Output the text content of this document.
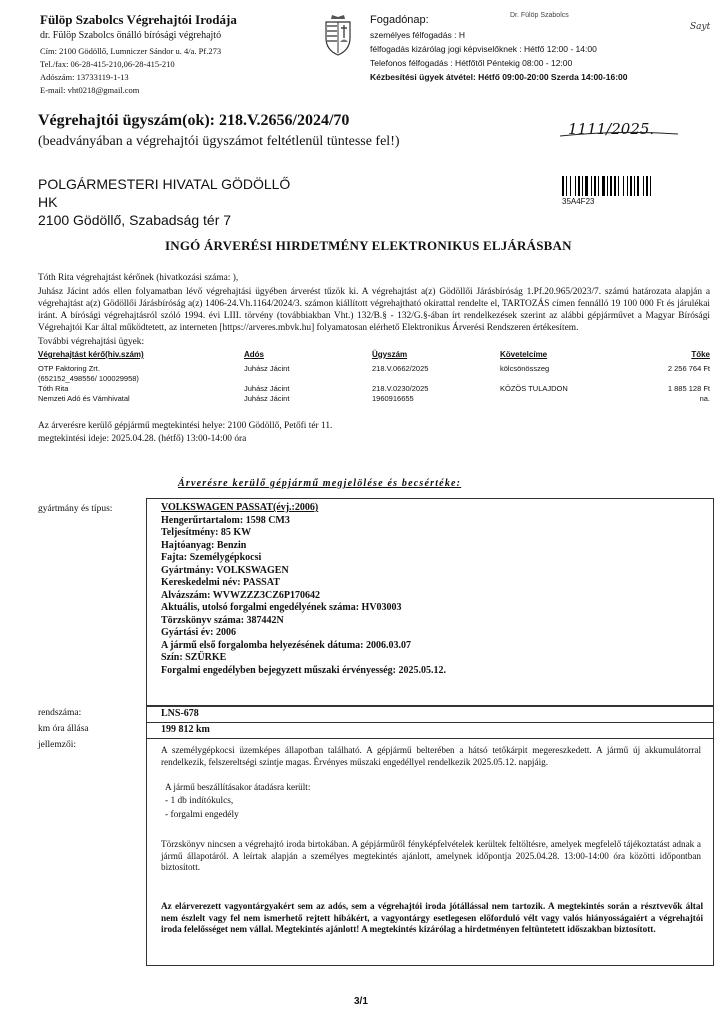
Fülöp Szabolcs Végrehajtói Irodája
dr. Fülöp Szabolcs önálló bírósági végrehajtó
Cím: 2100 Gödöllő, Lumniczer Sándor u. 4/a. Pf.273
Tel./fax: 06-28-415-210,06-28-415-210
Adószám: 13733119-1-13
E-mail: vht0218@gmail.com
Fogadónap:	Dr. Fülöp Szabolcs
Sayt
személyes félfogadás : H
félfogadás kizárólag jogi képviselőknek : Hétfő 12:00 - 14:00
Telefonos félfogadás : Hétfőtől Péntekig 08:00 - 12:00
Kézbesítési ügyek átvétel: Hétfő 09:00-20:00 Szerda 14:00-16:00
Végrehajtói ügyszám(ok): 218.V.2656/2024/70
(beadványában a végrehajtói ügyszámot feltétlenül tüntesse fel!)
1111/2025.
POLGÁRMESTERI HIVATAL GÖDÖLLŐ
HK
2100 Gödöllő, Szabadság tér 7
35A4F23
INGÓ ÁRVERÉSI HIRDETMÉNY ELEKTRONIKUS ELJÁRÁSBAN
Tóth Rita végrehajtást kérőnek (hivatkozási száma: ),
Juhász Jácint adós ellen folyamatban lévő végrehajtási ügyében árverést tűzök ki. A végrehajtást a(z) Gödöllői Járásbíróság 1.Pf.20.965/2023/7. számú határozata alapján a végrehajtást a(z) Gödöllői Járásbíróság a(z) 1406-24.Vh.1164/2024/3. számon kiállított végrehajtható okirattal rendelte el, TARTOZÁS címen fennálló 19 100 000 Ft és járulékai iránt. A bírósági végrehajtásról szóló 1994. évi LIII. törvény (továbbiakban Vht.) 132/B.§ - 132/G.§-ában írt rendelkezések szerint az alábbi gépjárművet a Magyar Bírósági Végrehajtói Kar által működtetett, az interneten [https://arveres.mbvk.hu] folyamatosan elérhető Elektronikus Árverési Rendszeren értékesítem.
További végrehajtási ügyek:
Végrehajtást kérő(hiv.szám)	Adós	Ügyszám	Követelcíme	Tőke

OTP Faktoring Zrt.	Juhász Jácint	218.V.0662/2025	kölcsönösszeg	2 256 764 Ft
(652152_498556/ 100029958)				
Tóth Rita	Juhász Jácint	218.V.0230/2025	KÖZÖS TULAJDON	1 885 128 Ft
Nemzeti Adó és Vámhivatal	Juhász Jácint	1960916655		na.
Az árverésre kerülő gépjármű megtekintési helye: 2100 Gödöllő, Petőfi tér 11.
megtekintési ideje: 2025.04.28. (hétfő) 13:00-14:00 óra
Árverésre kerülő gépjármű megjelölése és becsértéke:
gyártmány és típus:	VOLKSWAGEN PASSAT(évj.:2006)
Hengerűrtartalom: 1598 CM3
Teljesítmény: 85 KW
Hajtóanyag: Benzin
Fajta: Személygépkocsi
Gyártmány: VOLKSWAGEN
Kereskedelmi név: PASSAT
Alvázszám: WVWZZZ3CZ6P170642
Aktuális, utolsó forgalmi engedélyének száma: HV03003
Törzskönyv száma: 387442N
Gyártási év: 2006
A jármű első forgalomba helyezésének dátuma: 2006.03.07
Szín: SZÜRKE
Forgalmi engedélyben bejegyzett műszaki érvényesség: 2025.05.12.
rendszáma:	LNS-678
km óra állása	199 812 km
jellemzői:	A személygépkocsi üzemképes állapotban található. A gépjármű belterében a hátsó tetőkárpit megereszkedett. A jármű új akkumulátorral rendelkezik, felszereltségi szintje magas. Érvényes műszaki engedéllyel rendelkezik 2025.05.12. napjáig.
A jármű beszállításakor átadásra került:
- 1 db indítókulcs,
- forgalmi engedély
Törzskönyv nincsen a végrehajtó iroda birtokában. A gépjárműről fényképfelvételek kerültek feltöltésre, amelyek megfelelő tájékoztatást adnak a jármű állapotáról. A leírtak alapján a személyes megtekintés ajánlott, amelynek időpontja 2025.04.28. 13:00-14:00 óra közötti időpontban biztosított.
Az elárverezett vagyontárgyakért sem az adós, sem a végrehajtói iroda jótállással nem tartozik. A megtekintés során a résztvevők által nem észlelt vagy fel nem ismerhető rejtett hibákért, a vagyontárgy esetlegesen előforduló vélt vagy valós hiányosságaiért a végrehajtói iroda felelősséget nem vállal. Megtekintés ajánlott! A megtekintés kizárólag a hirdetményen feltüntetett időszakban biztosított.
3/1
